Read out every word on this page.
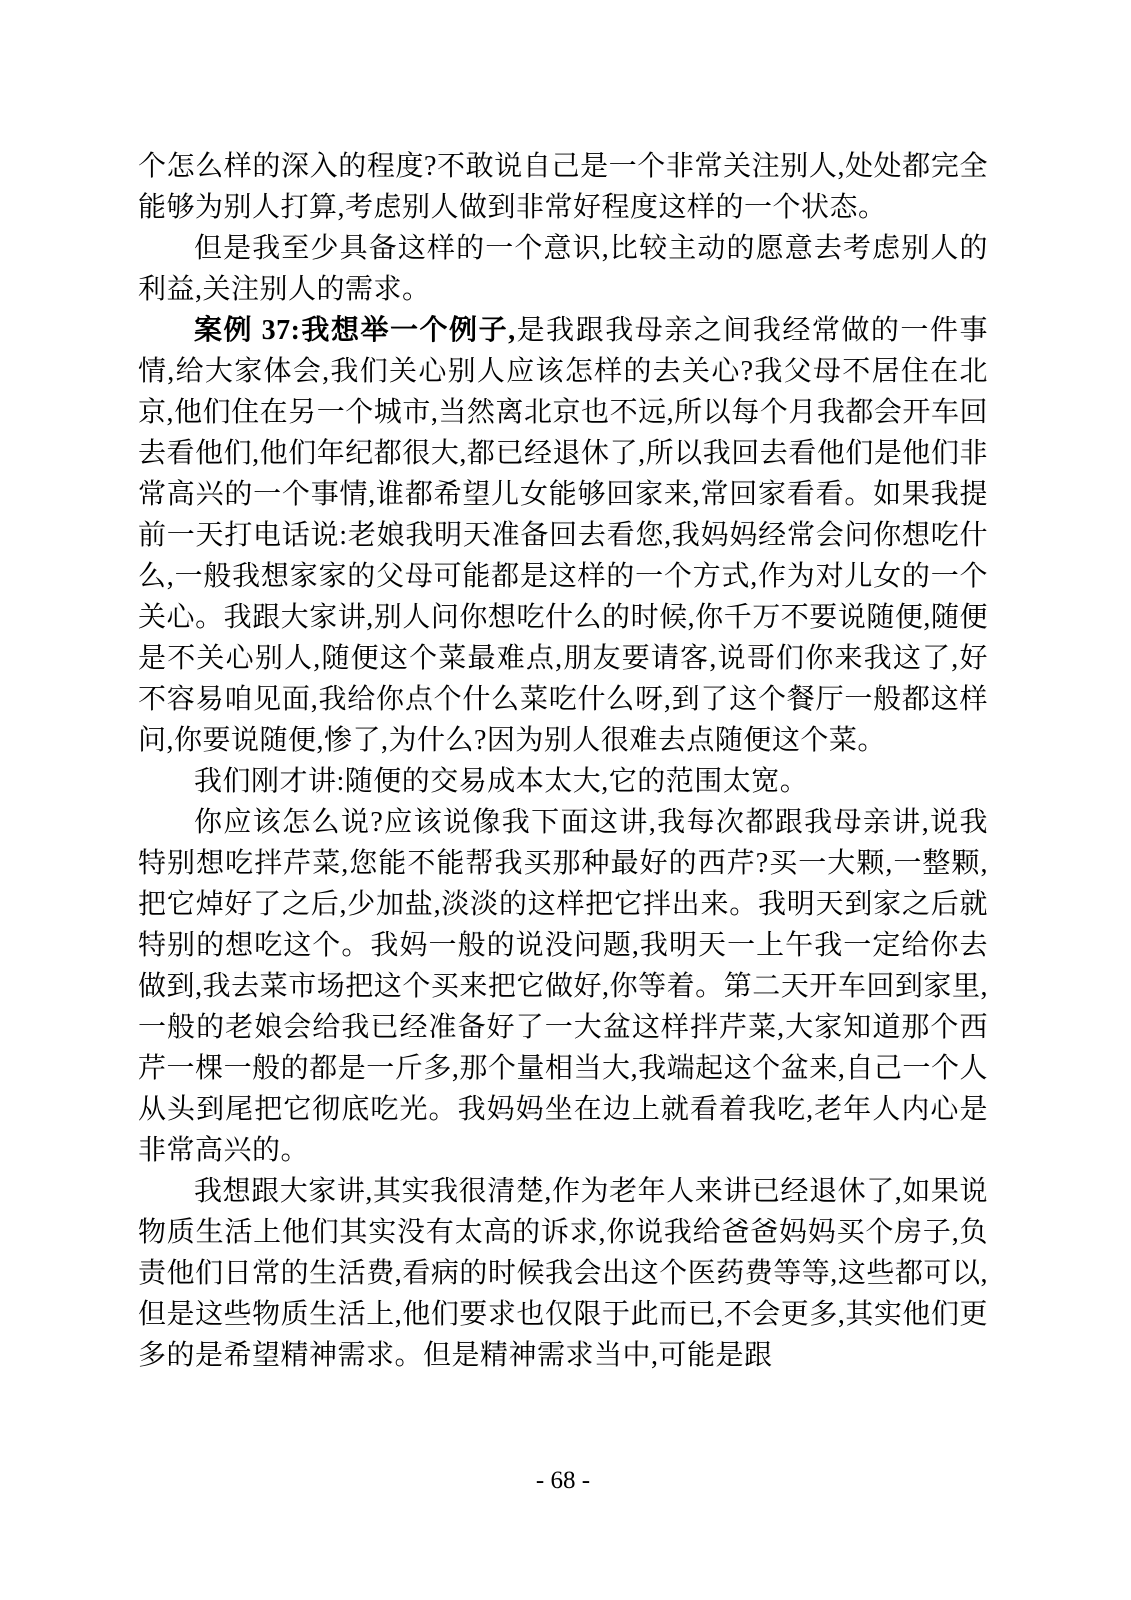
个怎么样的深入的程度?不敢说自己是一个非常关注别人,处处都完全能够为别人打算,考虑别人做到非常好程度这样的一个状态。

但是我至少具备这样的一个意识,比较主动的愿意去考虑别人的利益,关注别人的需求。

案例 37:我想举一个例子,是我跟我母亲之间我经常做的一件事情,给大家体会,我们关心别人应该怎样的去关心?我父母不居住在北京,他们住在另一个城市,当然离北京也不远,所以每个月我都会开车回去看他们,他们年纪都很大,都已经退休了,所以我回去看他们是他们非常高兴的一个事情,谁都希望儿女能够回家来,常回家看看。如果我提前一天打电话说:老娘我明天准备回去看您,我妈妈经常会问你想吃什么,一般我想家家的父母可能都是这样的一个方式,作为对儿女的一个关心。我跟大家讲,别人问你想吃什么的时候,你千万不要说随便,随便是不关心别人,随便这个菜最难点,朋友要请客,说哥们你来我这了,好不容易咱见面,我给你点个什么菜吃什么呀,到了这个餐厅一般都这样问,你要说随便,惨了,为什么?因为别人很难去点随便这个菜。

我们刚才讲:随便的交易成本太大,它的范围太宽。

你应该怎么说?应该说像我下面这讲,我每次都跟我母亲讲,说我特别想吃拌芹菜,您能不能帮我买那种最好的西芹?买一大颗,一整颗,把它焯好了之后,少加盐,淡淡的这样把它拌出来。我明天到家之后就特别的想吃这个。我妈一般的说没问题,我明天一上午我一定给你去做到,我去菜市场把这个买来把它做好,你等着。第二天开车回到家里,一般的老娘会给我已经准备好了一大盆这样拌芹菜,大家知道那个西芹一棵一般的都是一斤多,那个量相当大,我端起这个盆来,自己一个人从头到尾把它彻底吃光。我妈妈坐在边上就看着我吃,老年人内心是非常高兴的。

我想跟大家讲,其实我很清楚,作为老年人来讲已经退休了,如果说物质生活上他们其实没有太高的诉求,你说我给爸爸妈妈买个房子,负责他们日常的生活费,看病的时候我会出这个医药费等等,这些都可以,但是这些物质生活上,他们要求也仅限于此而已,不会更多,其实他们更多的是希望精神需求。但是精神需求当中,可能是跟

- 68 -
